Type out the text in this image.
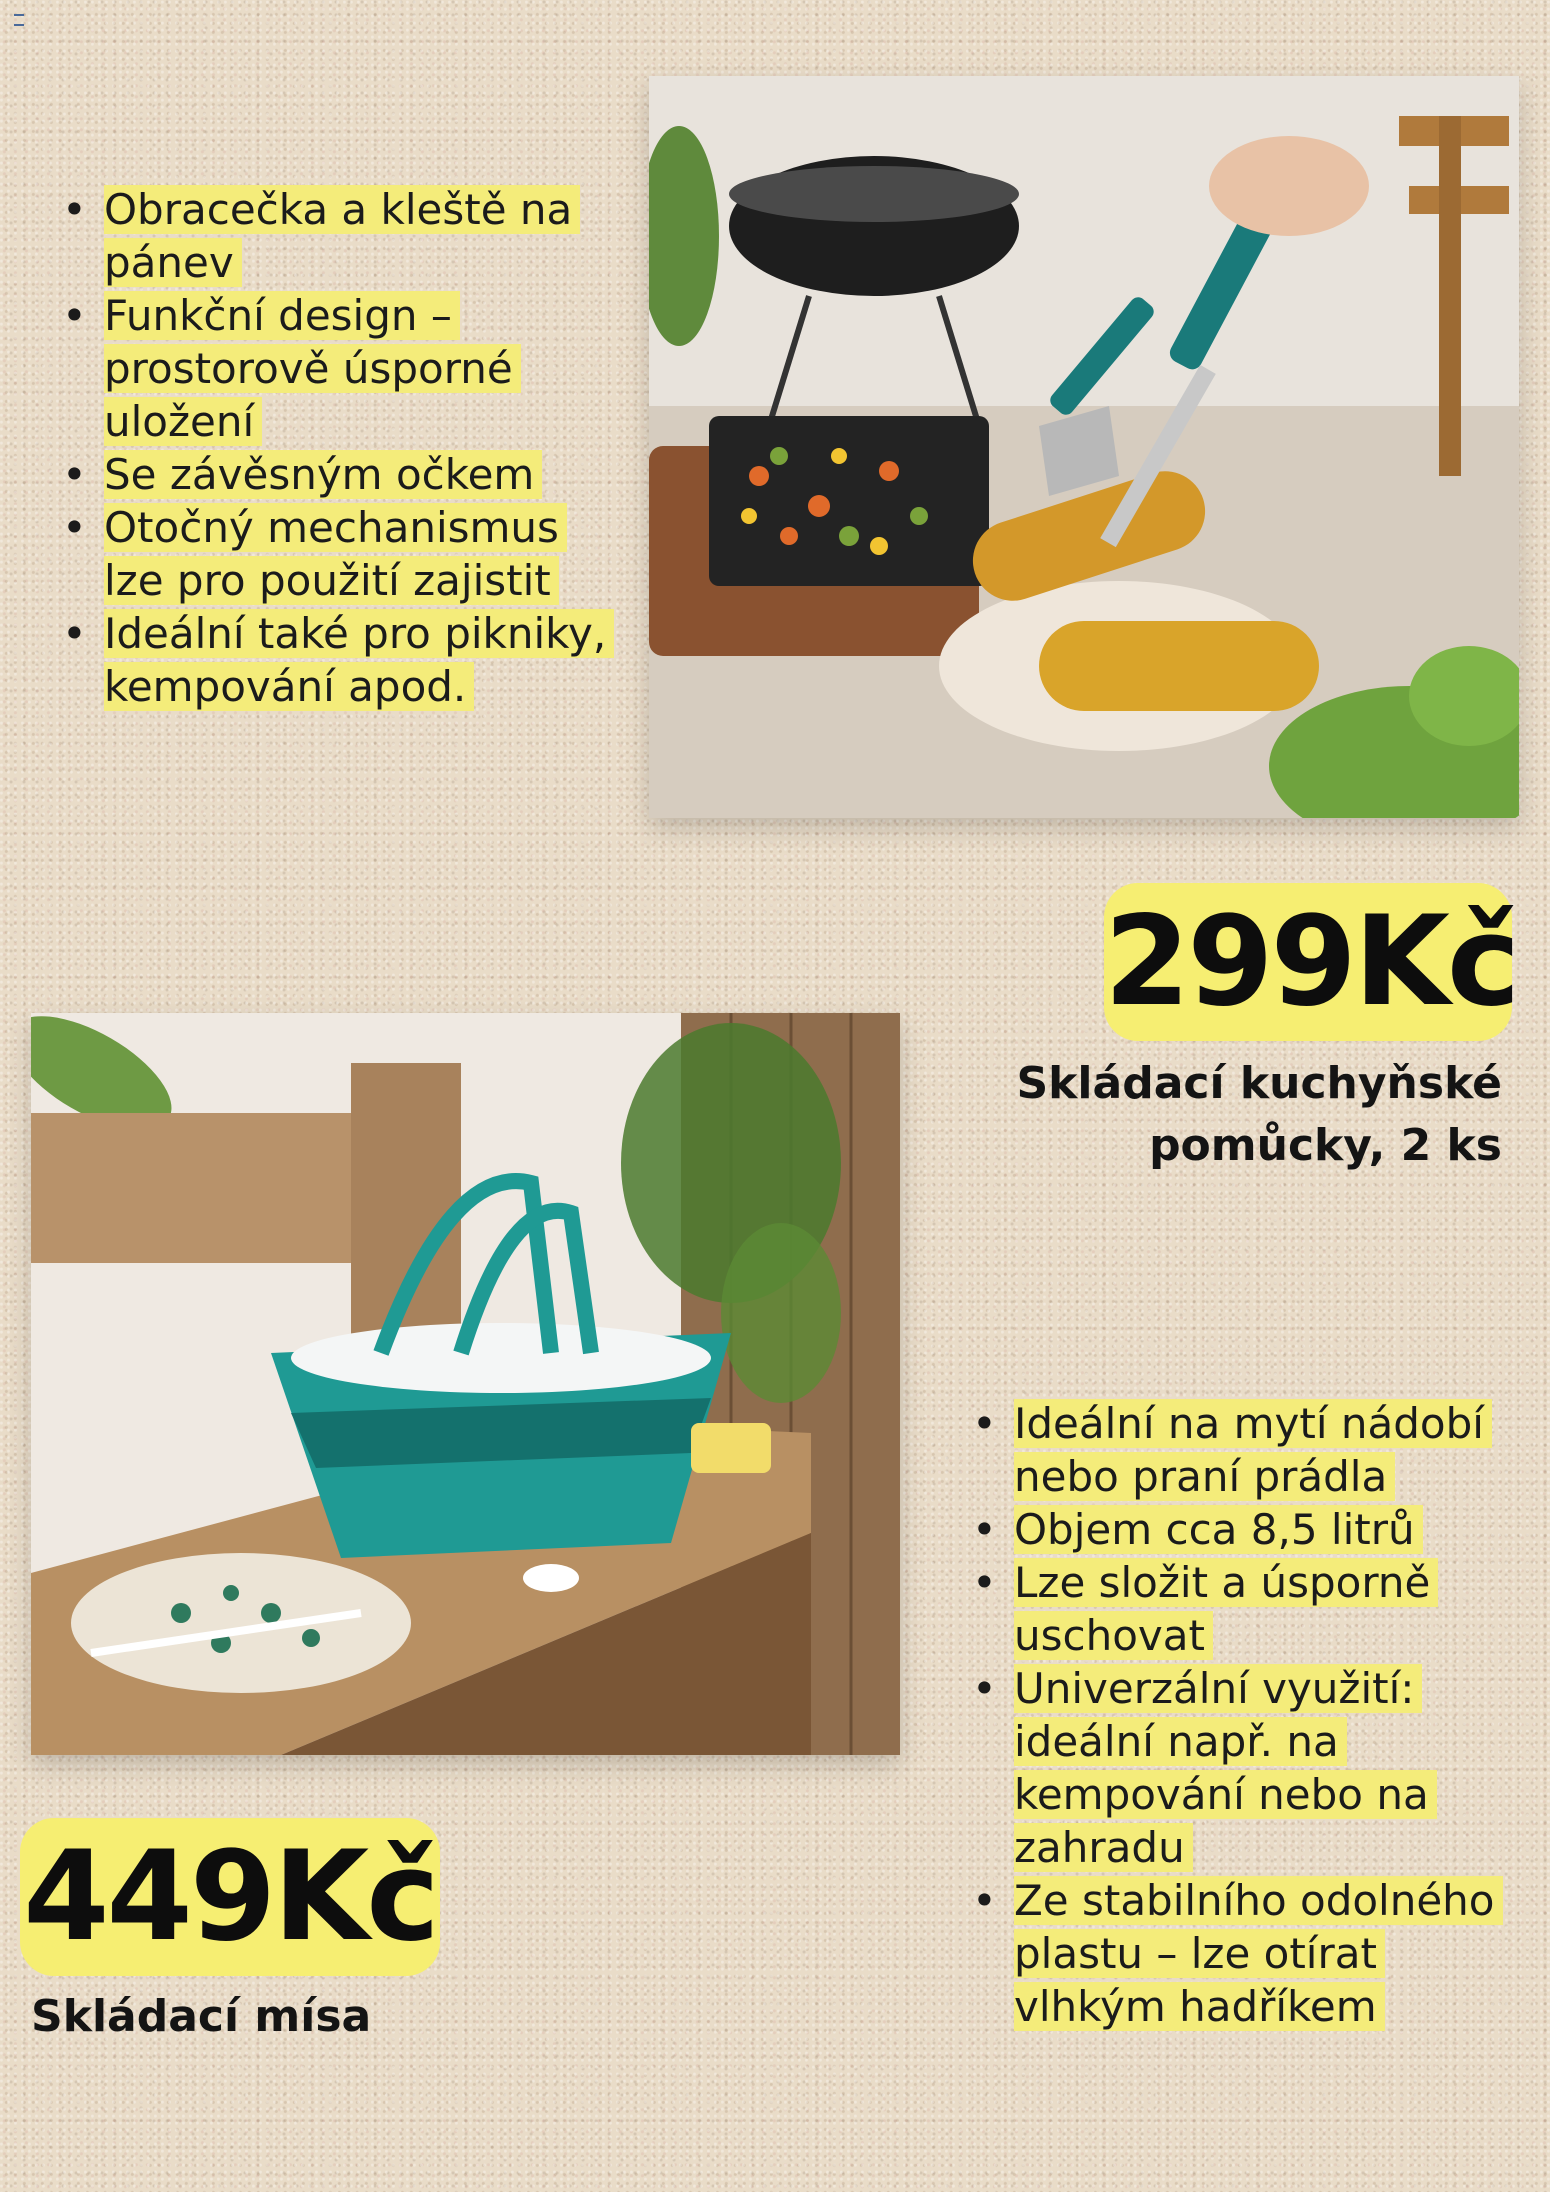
• Obracečka a kleště na pánev
• Funkční design – prostorově úsporné uložení
• Se závěsným očkem
• Otočný mechanismus lze pro použití zajistit
• Ideální také pro pikniky, kempování apod.
299Kč
Skládací kuchyňské pomůcky, 2 ks
449Kč
Skládací mísa
• Ideální na mytí nádobí nebo praní prádla
• Objem cca 8,5 litrů
• Lze složit a úsporně uschovat
• Univerzální využití: ideální např. na kempování nebo na zahradu
• Ze stabilního odolného plastu – lze otírat vlhkým hadříkem
